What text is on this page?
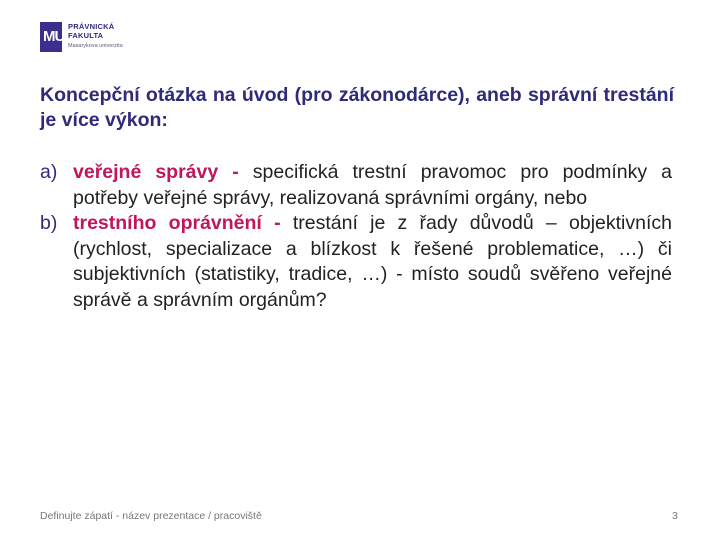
MU
PRÁVNICKÁ
FAKULTA
Masarykova univerzita
Koncepční otázka na úvod (pro zákonodárce), aneb správní trestání je více výkon:
a) veřejné správy - specifická trestní pravomoc pro podmínky a potřeby veřejné správy, realizovaná správními orgány, nebo
b) trestního oprávnění - trestání je z řady důvodů – objektivních (rychlost, specializace a blízkost k řešené problematice, …) či subjektivních (statistiky, tradice, …) - místo soudů svěřeno veřejné správě a správním orgánům?
Definujte zápatí - název prezentace / pracoviště	3
